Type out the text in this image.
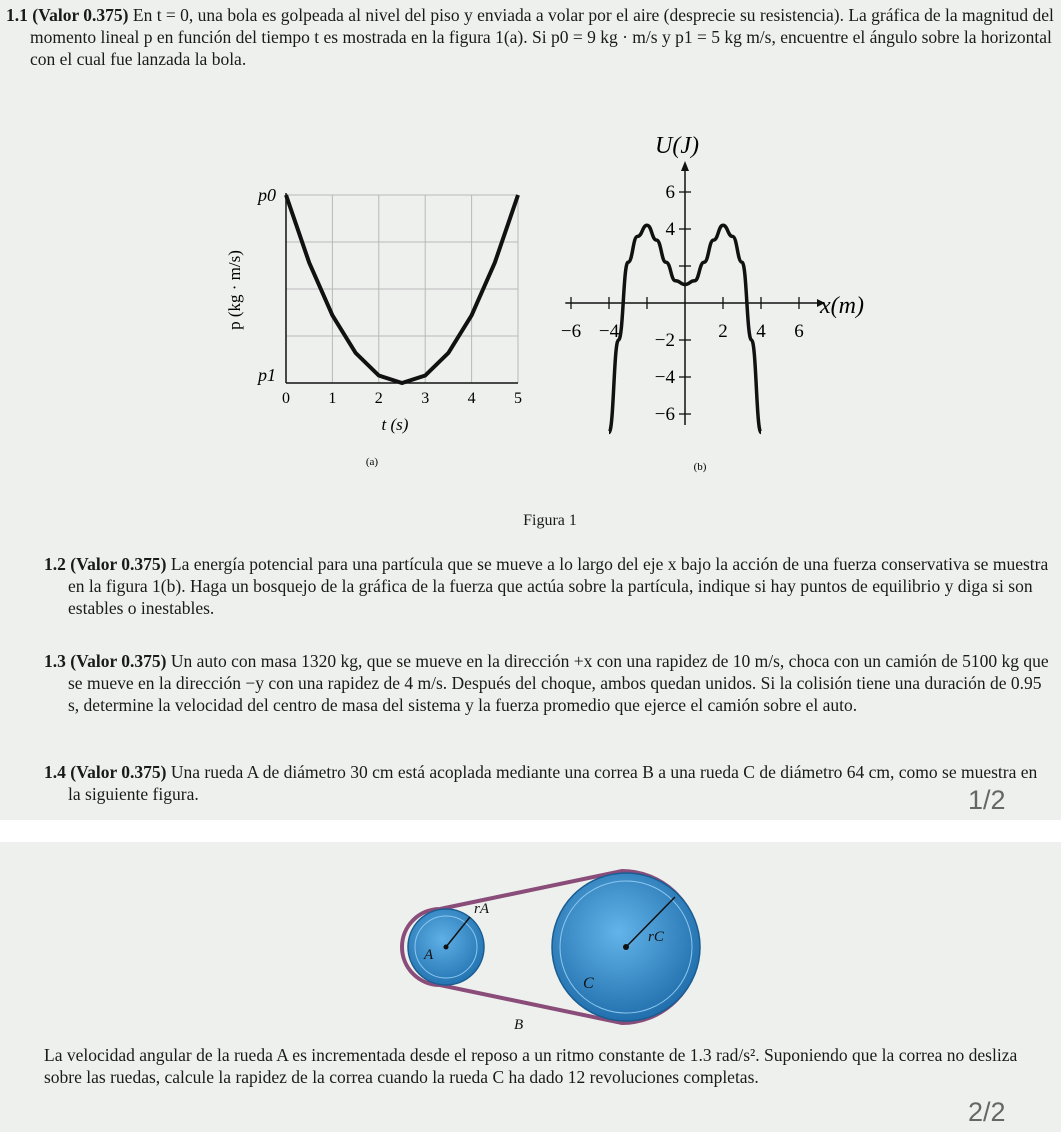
1.1 (Valor 0.375) En t = 0, una bola es golpeada al nivel del piso y enviada a volar por el aire (desprecie su resistencia). La gráfica de la magnitud del momento lineal p en función del tiempo t es mostrada en la figura 1(a). Si p0 = 9 kg · m/s y p1 = 5 kg m/s, encuentre el ángulo sobre la horizontal con el cual fue lanzada la bola.
0 1 2 3 4 5
p1
p0
p (kg · m/s)
t (s)
(a)
−6 −4	2 4 6
6
4
−2
−4
−6
U(J)
x(m)
(b)
Figura 1
1.2 (Valor 0.375) La energía potencial para una partícula que se mueve a lo largo del eje x bajo la acción de una fuerza conservativa se muestra en la figura 1(b). Haga un bosquejo de la gráfica de la fuerza que actúa sobre la partícula, indique si hay puntos de equilibrio y diga si son estables o inestables.
1.3 (Valor 0.375) Un auto con masa 1320 kg, que se mueve en la dirección +x con una rapidez de 10 m/s, choca con un camión de 5100 kg que se mueve en la dirección −y con una rapidez de 4 m/s. Después del choque, ambos quedan unidos. Si la colisión tiene una duración de 0.95 s, determine la velocidad del centro de masa del sistema y la fuerza promedio que ejerce el camión sobre el auto.
1.4 (Valor 0.375) Una rueda A de diámetro 30 cm está acoplada mediante una correa B a una rueda C de diámetro 64 cm, como se muestra en la siguiente figura.	1/2
A
rA
C
rC
B
La velocidad angular de la rueda A es incrementada desde el reposo a un ritmo constante de 1.3 rad/s². Suponiendo que la correa no desliza sobre las ruedas, calcule la rapidez de la correa cuando la rueda C ha dado 12 revoluciones completas.
2/2
